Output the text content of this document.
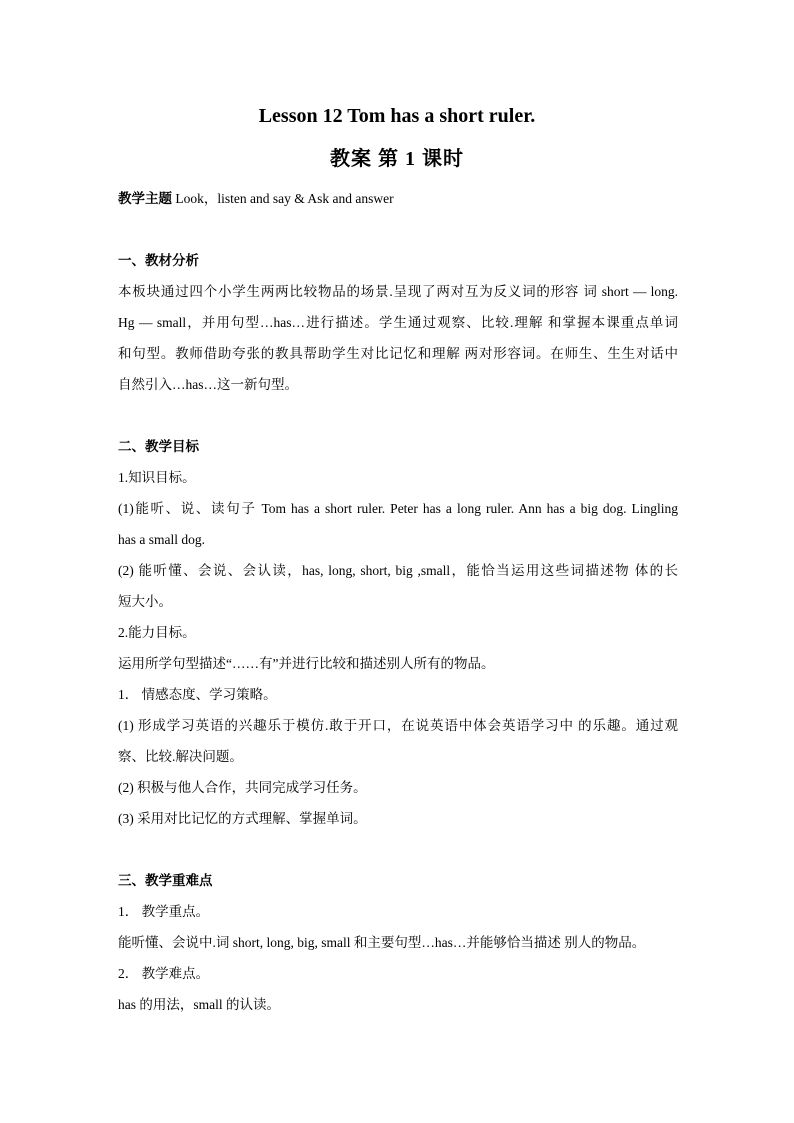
Lesson 12 Tom has a short ruler.
教案 第 1 课时
教学主题 Look，listen and say & Ask and answer
一、教材分析
本板块通过四个小学生两两比较物品的场景.呈现了两对互为反义词的形容 词 short — long.
Hg — small，并用句型…has…进行描述。学生通过观察、比较.理解 和掌握本课重点单词
和句型。教师借助夸张的教具帮助学生对比记忆和理解 两对形容词。在师生、生生对话中
自然引入…has…这一新句型。
二、教学目标
1.知识目标。
(1)能听、说、读句子 Tom has a short ruler. Peter has a long ruler. Ann has a big dog. Lingling
has a small dog.
(2) 能听懂、会说、会认读，has, long, short, big ,small，能恰当运用这些词描述物 体的长
短大小。
2.能力目标。
运用所学句型描述“……有”并进行比较和描述别人所有的物品。
1． 情感态度、学习策略。
(1) 形成学习英语的兴趣乐于模仿.敢于开口，在说英语中体会英语学习中 的乐趣。通过观
察、比较.解决问题。
(2) 积极与他人合作，共同完成学习任务。
(3) 采用对比记忆的方式理解、掌握单词。
三、教学重难点
1． 教学重点。
能听懂、会说中.词 short, long, big, small 和主要句型…has…并能够恰当描述 别人的物品。
2． 教学难点。
has 的用法，small 的认读。
